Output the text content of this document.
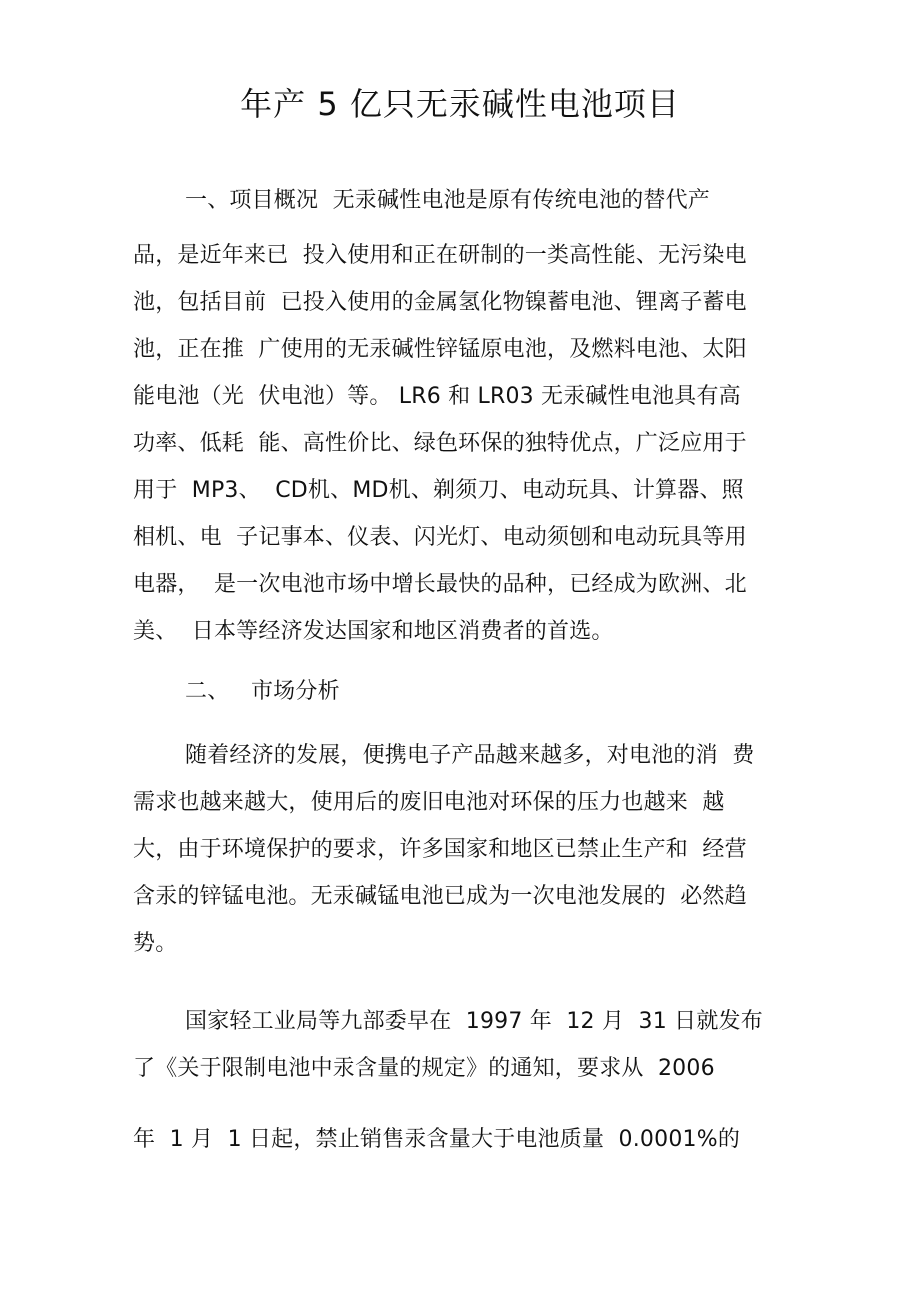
年产 5 亿只无汞碱性电池项目
一、项目概况  无汞碱性电池是原有传统电池的替代产
品，是近年来已  投入使用和正在研制的一类高性能、无污染电
池，包括目前  已投入使用的金属氢化物镍蓄电池、锂离子蓄电
池，正在推  广使用的无汞碱性锌锰原电池，及燃料电池、太阳
能电池（光  伏电池）等。 LR6 和 LR03 无汞碱性电池具有高
功率、低耗  能、高性价比、绿色环保的独特优点，广泛应用于
用于  MP3、  CD机、MD机、剃须刀、电动玩具、计算器、照
相机、电  子记事本、仪表、闪光灯、电动须刨和电动玩具等用
电器，  是一次电池市场中增长最快的品种，已经成为欧洲、北
美、  日本等经济发达国家和地区消费者的首选。
二、   市场分析
随着经济的发展，便携电子产品越来越多，对电池的消  费
需求也越来越大，使用后的废旧电池对环保的压力也越来  越
大，由于环境保护的要求，许多国家和地区已禁止生产和  经营
含汞的锌锰电池。无汞碱锰电池已成为一次电池发展的  必然趋
势。
国家轻工业局等九部委早在  1997 年  12 月  31 日就发布
了《关于限制电池中汞含量的规定》的通知，要求从  2006
年  1 月  1 日起，禁止销售汞含量大于电池质量  0.0001%的
